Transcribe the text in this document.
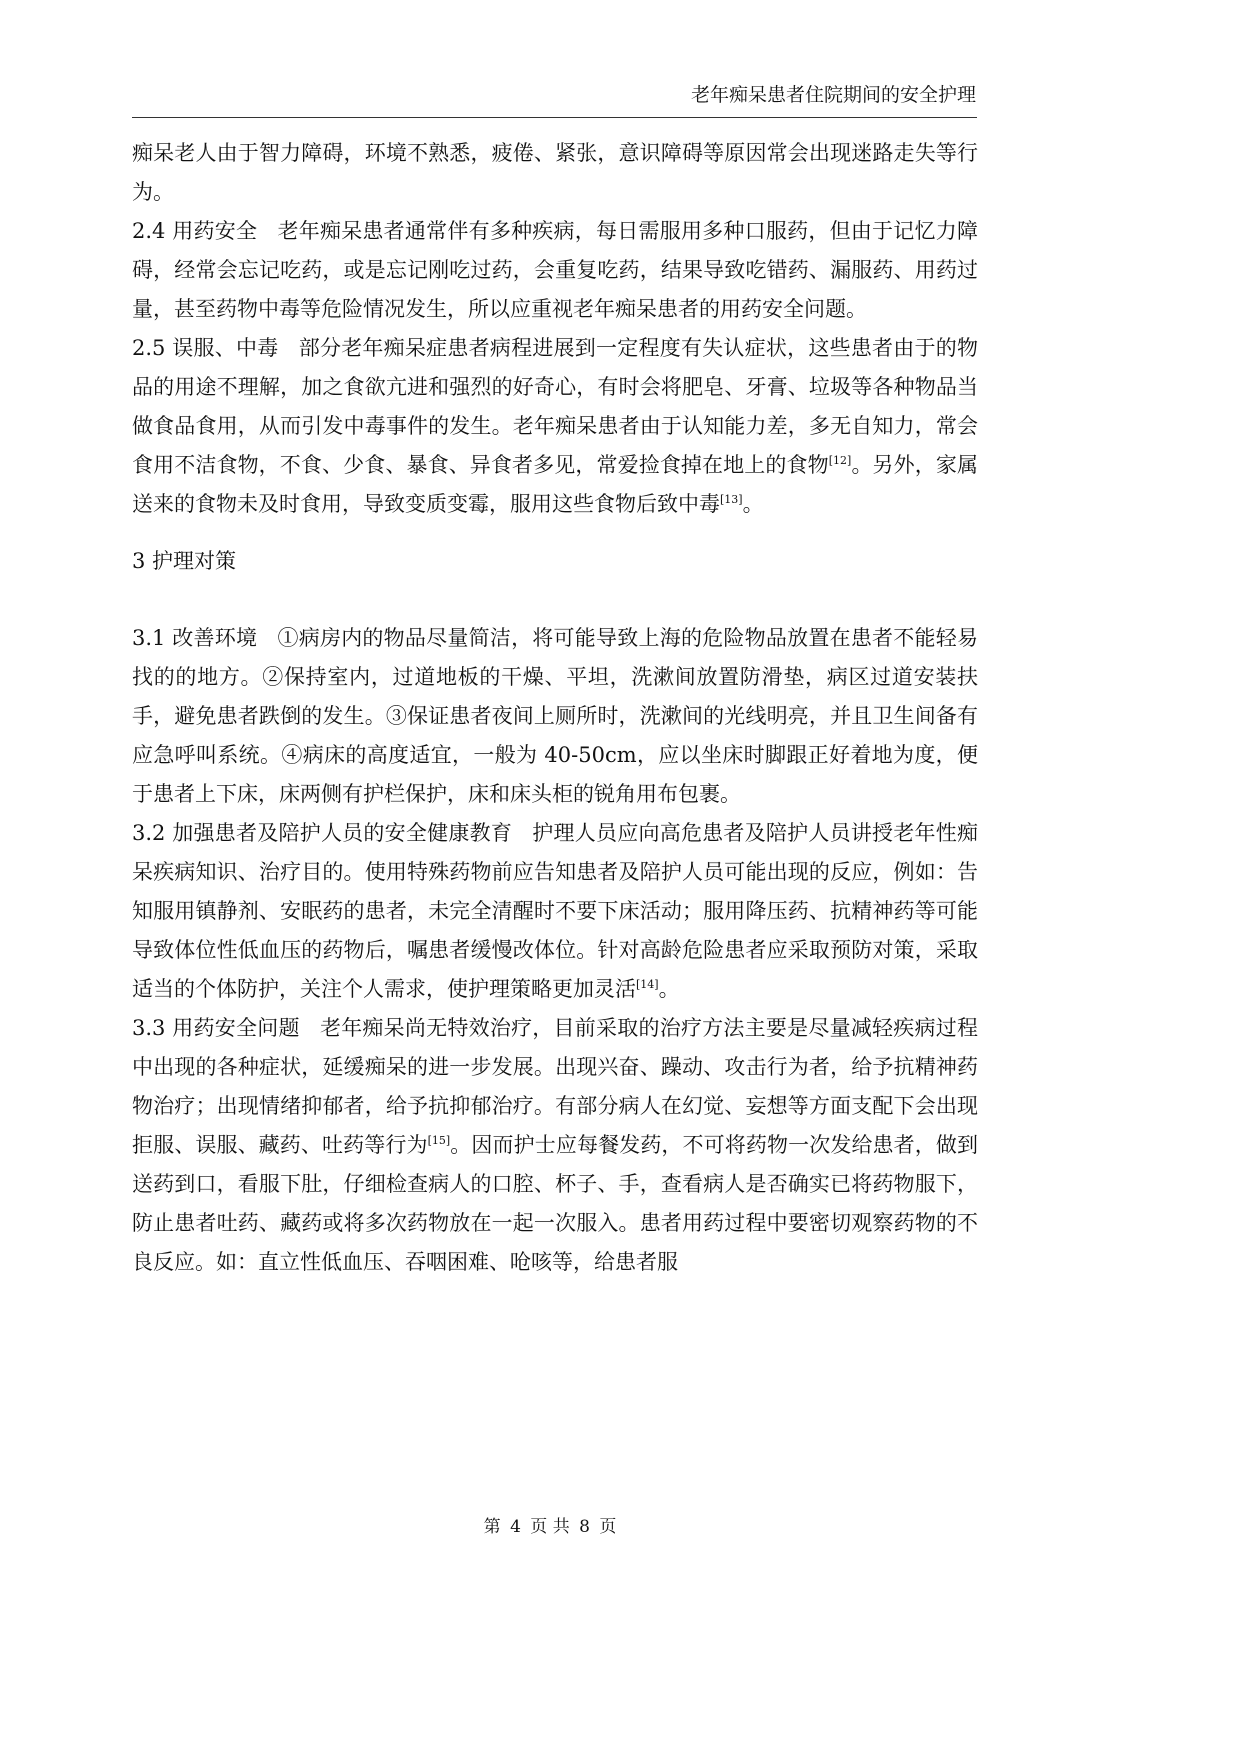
老年痴呆患者住院期间的安全护理

痴呆老人由于智力障碍，环境不熟悉，疲倦、紧张，意识障碍等原因常会出现迷路走失等行为。

2.4 用药安全 老年痴呆患者通常伴有多种疾病，每日需服用多种口服药，但由于记忆力障碍，经常会忘记吃药，或是忘记刚吃过药，会重复吃药，结果导致吃错药、漏服药、用药过量，甚至药物中毒等危险情况发生，所以应重视老年痴呆患者的用药安全问题。

2.5 误服、中毒 部分老年痴呆症患者病程进展到一定程度有失认症状，这些患者由于的物品的用途不理解，加之食欲亢进和强烈的好奇心，有时会将肥皂、牙膏、垃圾等各种物品当做食品食用，从而引发中毒事件的发生。老年痴呆患者由于认知能力差，多无自知力，常会食用不洁食物，不食、少食、暴食、异食者多见，常爱捡食掉在地上的食物[12]。另外，家属送来的食物未及时食用，导致变质变霉，服用这些食物后致中毒[13]。

3 护理对策

3.1 改善环境 ①病房内的物品尽量简洁，将可能导致上海的危险物品放置在患者不能轻易找的的地方。②保持室内，过道地板的干燥、平坦，洗漱间放置防滑垫，病区过道安装扶手，避免患者跌倒的发生。③保证患者夜间上厕所时，洗漱间的光线明亮，并且卫生间备有应急呼叫系统。④病床的高度适宜，一般为 40-50cm，应以坐床时脚跟正好着地为度，便于患者上下床，床两侧有护栏保护，床和床头柜的锐角用布包裹。

3.2 加强患者及陪护人员的安全健康教育 护理人员应向高危患者及陪护人员讲授老年性痴呆疾病知识、治疗目的。使用特殊药物前应告知患者及陪护人员可能出现的反应，例如：告知服用镇静剂、安眠药的患者，未完全清醒时不要下床活动；服用降压药、抗精神药等可能导致体位性低血压的药物后，嘱患者缓慢改体位。针对高龄危险患者应采取预防对策，采取适当的个体防护，关注个人需求，使护理策略更加灵活[14]。

3.3 用药安全问题 老年痴呆尚无特效治疗，目前采取的治疗方法主要是尽量减轻疾病过程中出现的各种症状，延缓痴呆的进一步发展。出现兴奋、躁动、攻击行为者，给予抗精神药物治疗；出现情绪抑郁者，给予抗抑郁治疗。有部分病人在幻觉、妄想等方面支配下会出现拒服、误服、藏药、吐药等行为[15]。因而护士应每餐发药，不可将药物一次发给患者，做到送药到口，看服下肚，仔细检查病人的口腔、杯子、手，查看病人是否确实已将药物服下，防止患者吐药、藏药或将多次药物放在一起一次服入。患者用药过程中要密切观察药物的不良反应。如：直立性低血压、吞咽困难、呛咳等，给患者服

第 4 页 共 8 页
